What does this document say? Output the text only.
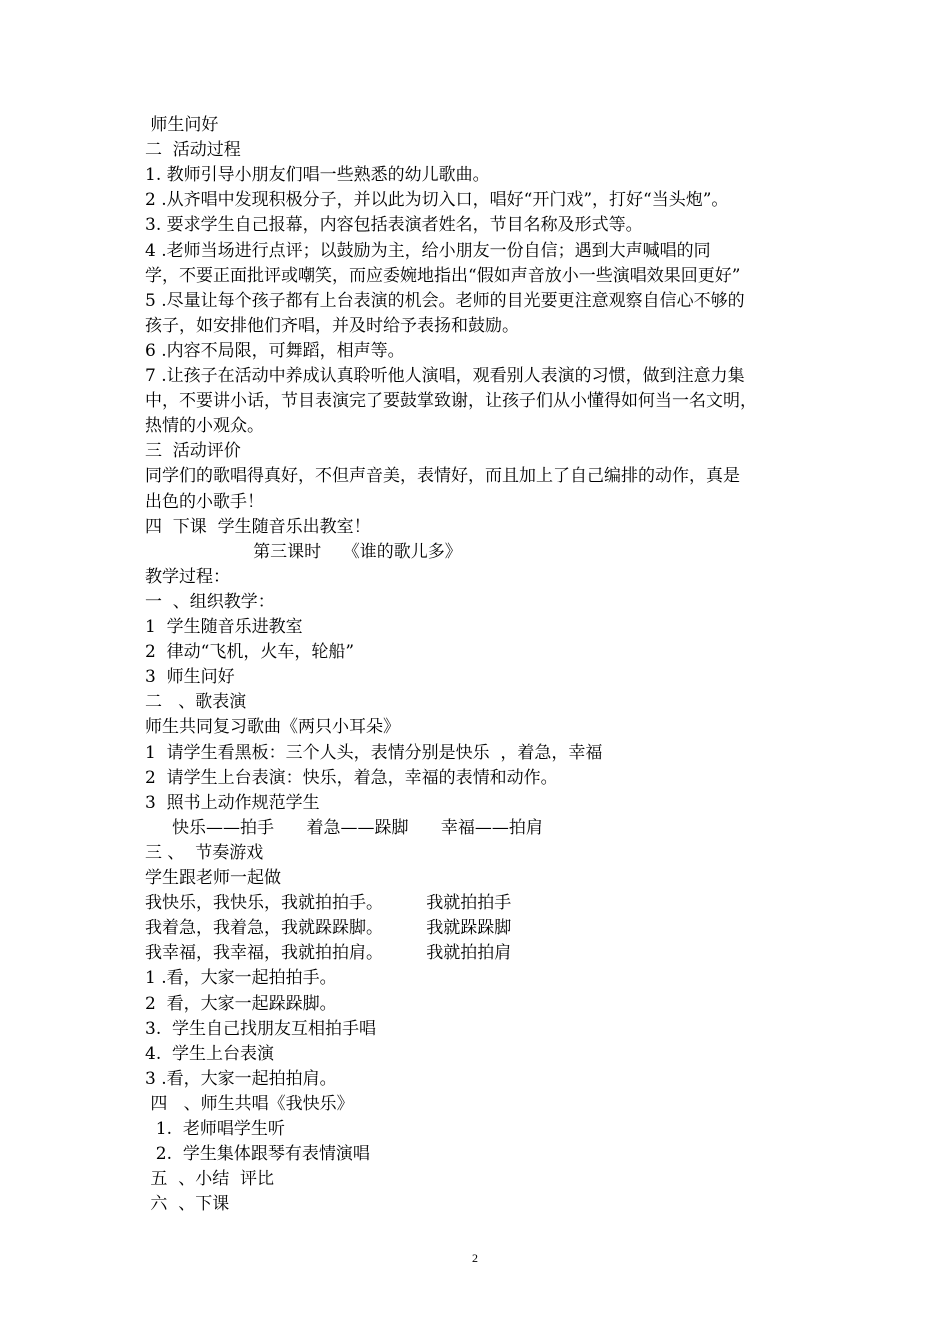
师生问好
二  活动过程
1. 教师引导小朋友们唱一些熟悉的幼儿歌曲。
2 .从齐唱中发现积极分子，并以此为切入口，唱好“开门戏”，打好“当头炮”。
3. 要求学生自己报幕，内容包括表演者姓名，节目名称及形式等。
4 .老师当场进行点评；以鼓励为主，给小朋友一份自信；遇到大声喊唱的同
学，不要正面批评或嘲笑，而应委婉地指出“假如声音放小一些演唱效果回更好”
5 .尽量让每个孩子都有上台表演的机会。老师的目光要更注意观察自信心不够的
孩子，如安排他们齐唱，并及时给予表扬和鼓励。
6 .内容不局限，可舞蹈，相声等。
7 .让孩子在活动中养成认真聆听他人演唱，观看别人表演的习惯，做到注意力集
中，不要讲小话，节目表演完了要鼓掌致谢，让孩子们从小懂得如何当一名文明，
热情的小观众。
三  活动评价
同学们的歌唱得真好，不但声音美，表情好，而且加上了自己编排的动作，真是
出色的小歌手！
四  下课  学生随音乐出教室！
第三课时    《谁的歌儿多》
教学过程：
一  、组织教学：
1  学生随音乐进教室
2  律动“飞机，火车，轮船”
3  师生问好
二   、歌表演
师生共同复习歌曲《两只小耳朵》
1  请学生看黑板：三个人头，表情分别是快乐  ，着急，幸福
2  请学生上台表演：快乐，着急，幸福的表情和动作。
3  照书上动作规范学生
快乐——拍手      着急——跺脚      幸福——拍肩
三 、  节奏游戏
学生跟老师一起做
我快乐，我快乐，我就拍拍手。        我就拍拍手
我着急，我着急，我就跺跺脚。        我就跺跺脚
我幸福，我幸福，我就拍拍肩。        我就拍拍肩
1 .看，大家一起拍拍手。
2  看，大家一起跺跺脚。
3.  学生自己找朋友互相拍手唱
4.  学生上台表演
3 .看，大家一起拍拍肩。
四   、师生共唱《我快乐》
1.  老师唱学生听
2.  学生集体跟琴有表情演唱
五  、小结  评比
六  、下课
2
